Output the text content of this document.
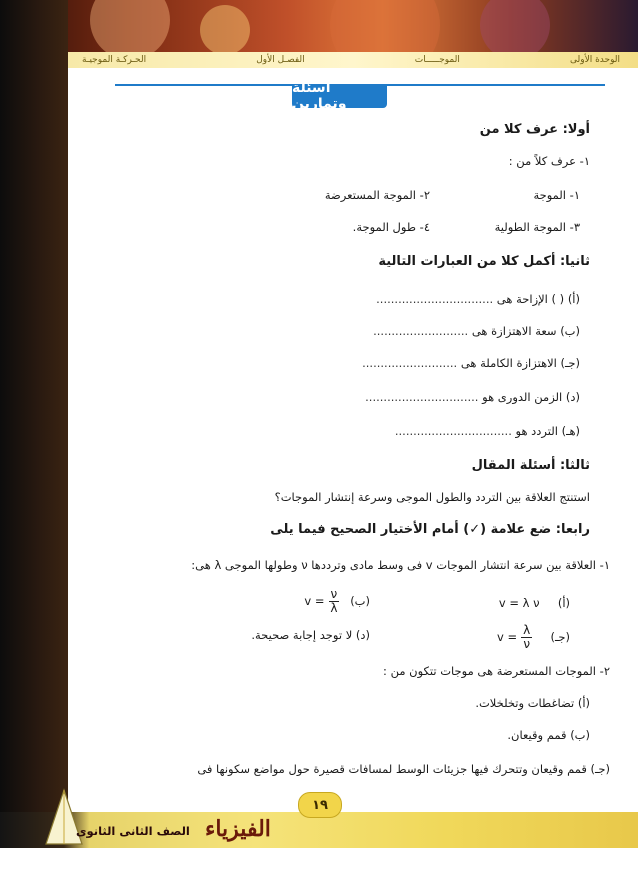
الوحدة الأولى
الموجـــــات
الفصـل الأول
الحـركـة الموجيـة
أسئلة وتمارين
أولا: عرف كلا من
١- عرف كلاً من :
١- الموجة
٢- الموجة المستعرضة
٣- الموجة الطولية
٤- طول الموجة.
ثانيا: أكمل كلا من العبارات التالية
(أ) ( ) الإزاحة هى ................................
(ب) سعة الاهتزازة هى ..........................
(جـ) الاهتزازة الكاملة هى ..........................
(د) الزمن الدورى هو ...............................
(هـ) التردد هو ................................
ثالثا: أسئلة المقال
استنتج العلاقة بين التردد والطول الموجى وسرعة إنتشار الموجات؟
رابعا: ضع علامة (✓) أمام الأختيار الصحيح فيما يلى
١- العلاقة بين سرعة انتشار الموجات v فى وسط مادى وترددها ν وطولها الموجى λ هى:
(أ)     v = λ ν
(ب)
$v = \frac{\nu}{\lambda}$
(جـ)
$v = \frac{\lambda}{\nu}$
(د) لا توجد إجابة صحيحة.
٢- الموجات المستعرضة هى موجات تتكون من :
(أ) تضاغطات وتخلخلات.
(ب) قمم وقيعان.
(جـ) قمم وقيعان وتتحرك فيها جزيئات الوسط لمسافات قصيرة حول مواضع سكونها فى
١٩
الفيزياء
الصف الثانى الثانوى
